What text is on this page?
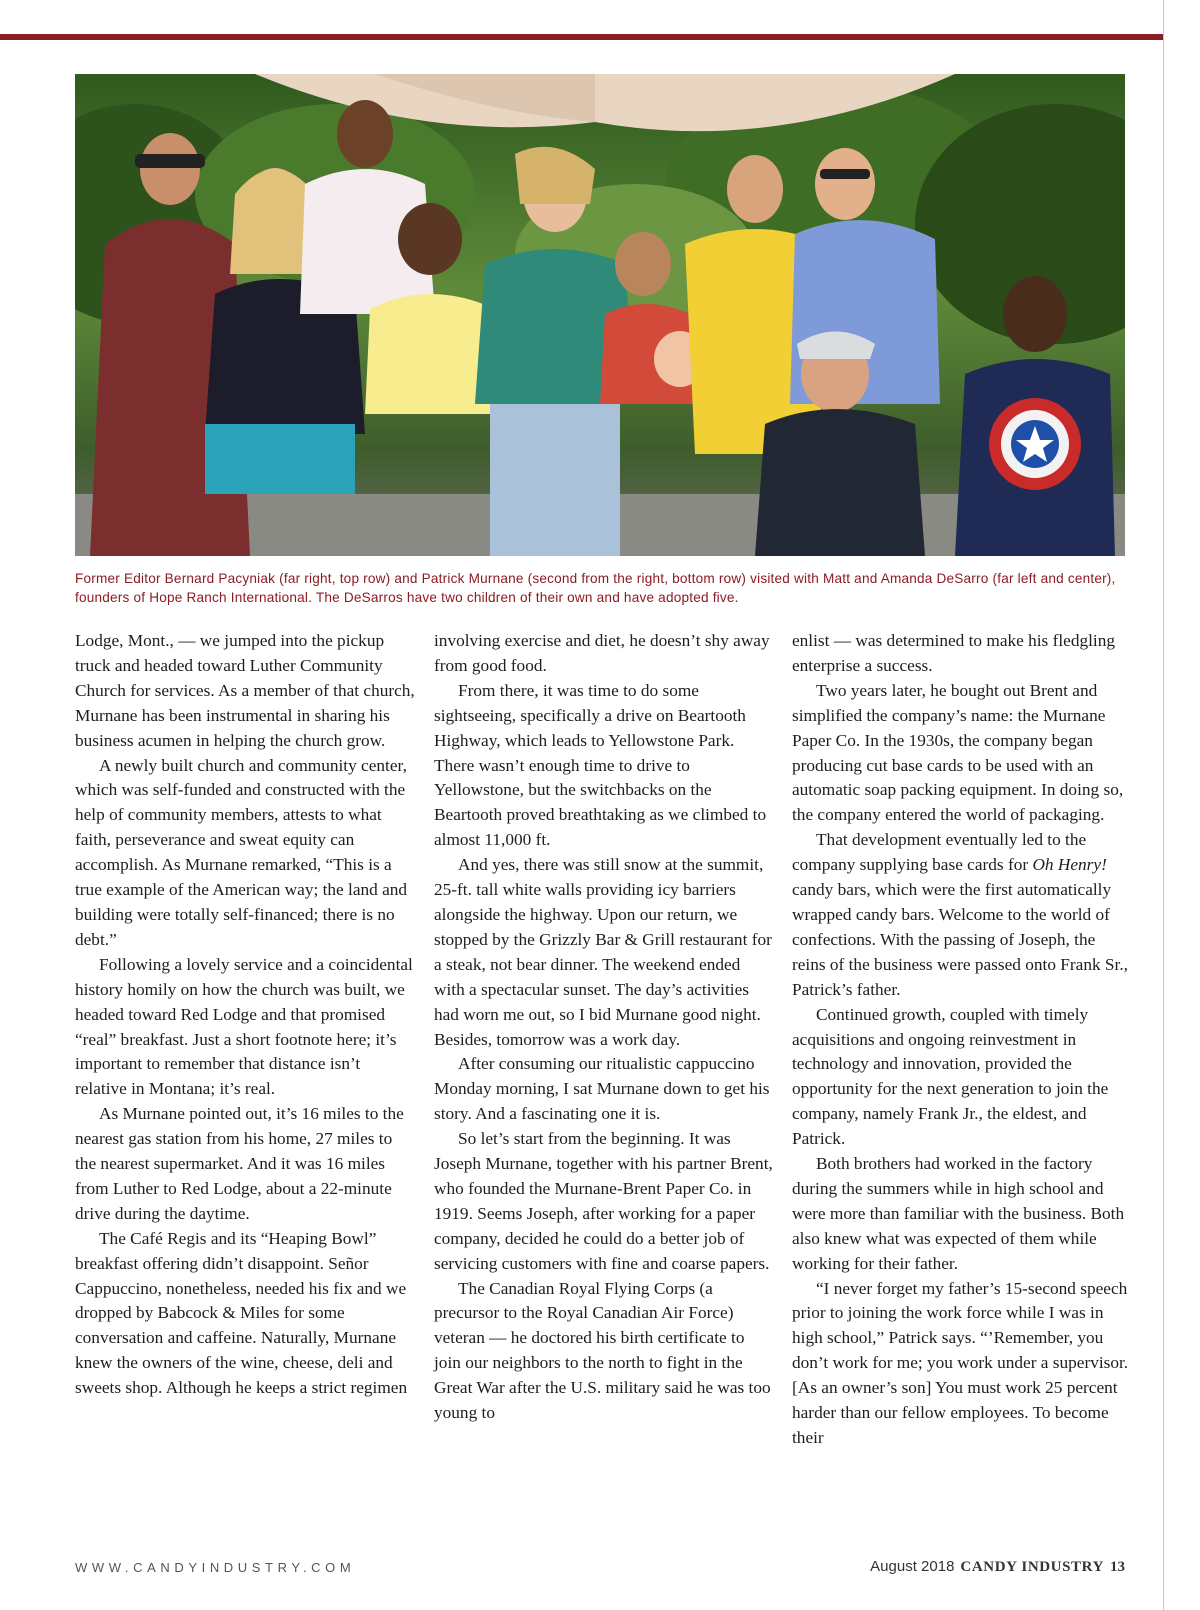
Former Editor Bernard Pacyniak (far right, top row) and Patrick Murnane (second from the right, bottom row) visited with Matt and Amanda DeSarro (far left and center), founders of Hope Ranch International. The DeSarros have two children of their own and have adopted five.

Lodge, Mont., — we jumped into the pickup truck and headed toward Luther Community Church for services. As a member of that church, Murnane has been instrumental in sharing his business acumen in helping the church grow.

A newly built church and community center, which was self-funded and constructed with the help of community members, attests to what faith, perseverance and sweat equity can accomplish. As Murnane remarked, “This is a true example of the American way; the land and building were totally self-financed; there is no debt.”

Following a lovely service and a coincidental history homily on how the church was built, we headed toward Red Lodge and that promised “real” breakfast. Just a short footnote here; it’s important to remember that distance isn’t relative in Montana; it’s real.

As Murnane pointed out, it’s 16 miles to the nearest gas station from his home, 27 miles to the nearest supermarket. And it was 16 miles from Luther to Red Lodge, about a 22-minute drive during the daytime.

The Café Regis and its “Heaping Bowl” breakfast offering didn’t disappoint. Señor Cappuccino, nonetheless, needed his fix and we dropped by Babcock & Miles for some conversation and caffeine. Naturally, Murnane knew the owners of the wine, cheese, deli and sweets shop. Although he keeps a strict regimen

involving exercise and diet, he doesn’t shy away from good food.

From there, it was time to do some sightseeing, specifically a drive on Beartooth Highway, which leads to Yellowstone Park. There wasn’t enough time to drive to Yellowstone, but the switchbacks on the Beartooth proved breathtaking as we climbed to almost 11,000 ft.

And yes, there was still snow at the summit, 25-ft. tall white walls providing icy barriers alongside the highway. Upon our return, we stopped by the Grizzly Bar & Grill restaurant for a steak, not bear dinner. The weekend ended with a spectacular sunset. The day’s activities had worn me out, so I bid Murnane good night. Besides, tomorrow was a work day.

After consuming our ritualistic cappuccino Monday morning, I sat Murnane down to get his story. And a fascinating one it is.

So let’s start from the beginning. It was Joseph Murnane, together with his partner Brent, who founded the Murnane-Brent Paper Co. in 1919. Seems Joseph, after working for a paper company, decided he could do a better job of servicing customers with fine and coarse papers.

The Canadian Royal Flying Corps (a precursor to the Royal Canadian Air Force) veteran — he doctored his birth certificate to join our neighbors to the north to fight in the Great War after the U.S. military said he was too young to

enlist — was determined to make his fledgling enterprise a success.

Two years later, he bought out Brent and simplified the company’s name: the Murnane Paper Co. In the 1930s, the company began producing cut base cards to be used with an automatic soap packing equipment. In doing so, the company entered the world of packaging.

That development eventually led to the company supplying base cards for Oh Henry! candy bars, which were the first automatically wrapped candy bars. Welcome to the world of confections. With the passing of Joseph, the reins of the business were passed onto Frank Sr., Patrick’s father.

Continued growth, coupled with timely acquisitions and ongoing reinvestment in technology and innovation, provided the opportunity for the next generation to join the company, namely Frank Jr., the eldest, and Patrick.

Both brothers had worked in the factory during the summers while in high school and were more than familiar with the business. Both also knew what was expected of them while working for their father.

“I never forget my father’s 15-second speech prior to joining the work force while I was in high school,” Patrick says. “’Remember, you don’t work for me; you work under a supervisor. [As an owner’s son] You must work 25 percent harder than our fellow employees. To become their

WWW.CANDYINDUSTRY.COM	August 2018 CANDY INDUSTRY 13
